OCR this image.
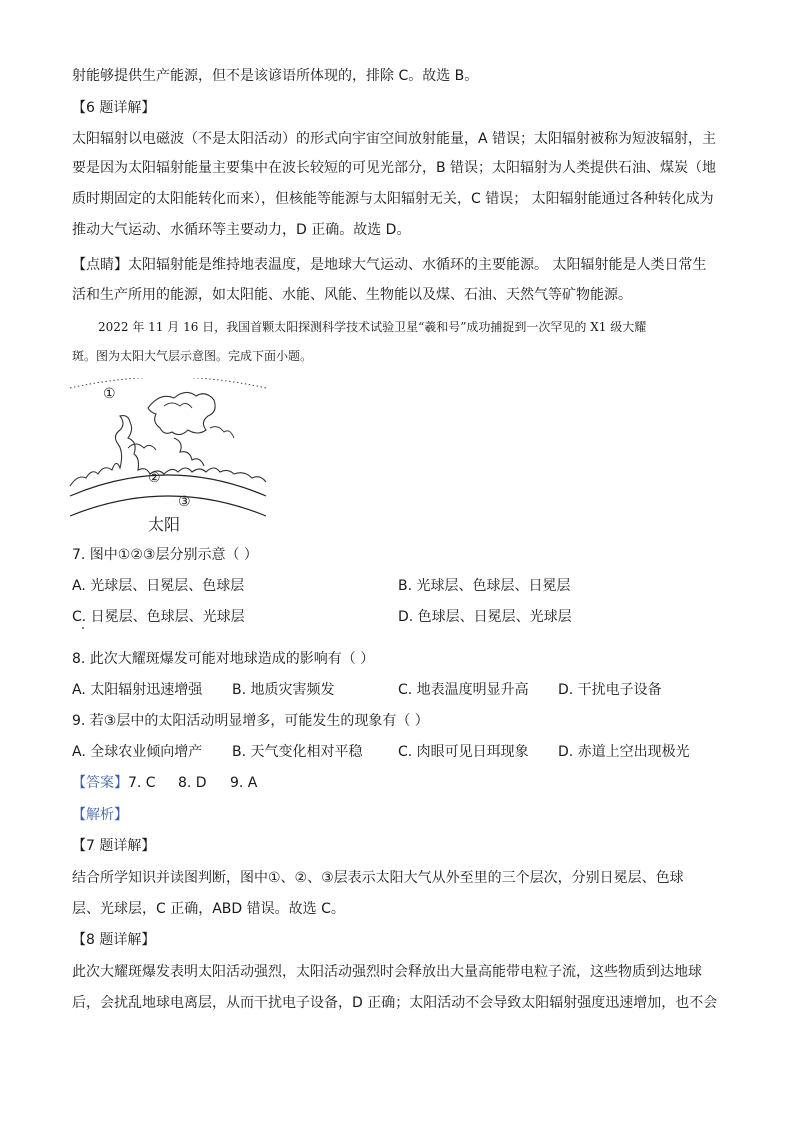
射能够提供生产能源，但不是该谚语所体现的，排除 C。故选 B。
【6 题详解】
太阳辐射以电磁波（不是太阳活动）的形式向宇宙空间放射能量，A 错误；太阳辐射被称为短波辐射，主
要是因为太阳辐射能量主要集中在波长较短的可见光部分，B 错误；太阳辐射为人类提供石油、煤炭（地
质时期固定的太阳能转化而来），但核能等能源与太阳辐射无关，C 错误； 太阳辐射能通过各种转化成为
推动大气运动、水循环等主要动力，D 正确。故选 D。
【点睛】太阳辐射能是维持地表温度，是地球大气运动、水循环的主要能源。 太阳辐射能是人类日常生
活和生产所用的能源，如太阳能、水能、风能、生物能以及煤、石油、天然气等矿物能源。
2022 年 11 月 16 日，我国首颗太阳探测科学技术试验卫星“羲和号”成功捕捉到一次罕见的 X1 级大耀
斑。图为太阳大气层示意图。完成下面小题。
①
②
③
太阳
7. 图中①②③层分别示意（ ）
A. 光球层、日冕层、色球层	B. 光球层、色球层、日冕层
C. 日冕层、色球层、光球层	D. 色球层、日冕层、光球层
8. 此次大耀斑爆发可能对地球造成的影响有（ ）
A. 太阳辐射迅速增强 B. 地质灾害频发	C. 地表温度明显升高 D. 干扰电子设备
9. 若③层中的太阳活动明显增多，可能发生的现象有（ ）
A. 全球农业倾向增产 B. 天气变化相对平稳	C. 肉眼可见日珥现象 D. 赤道上空出现极光
【答案】 7. C 8. D 9. A
【解析】
【7 题详解】
结合所学知识并读图判断，图中①、②、③层表示太阳大气从外至里的三个层次，分别日冕层、色球
层、光球层，C 正确，ABD 错误。故选 C。
【8 题详解】
此次大耀斑爆发表明太阳活动强烈，太阳活动强烈时会释放出大量高能带电粒子流，这些物质到达地球
后，会扰乱地球电离层，从而干扰电子设备，D 正确；太阳活动不会导致太阳辐射强度迅速增加，也不会
